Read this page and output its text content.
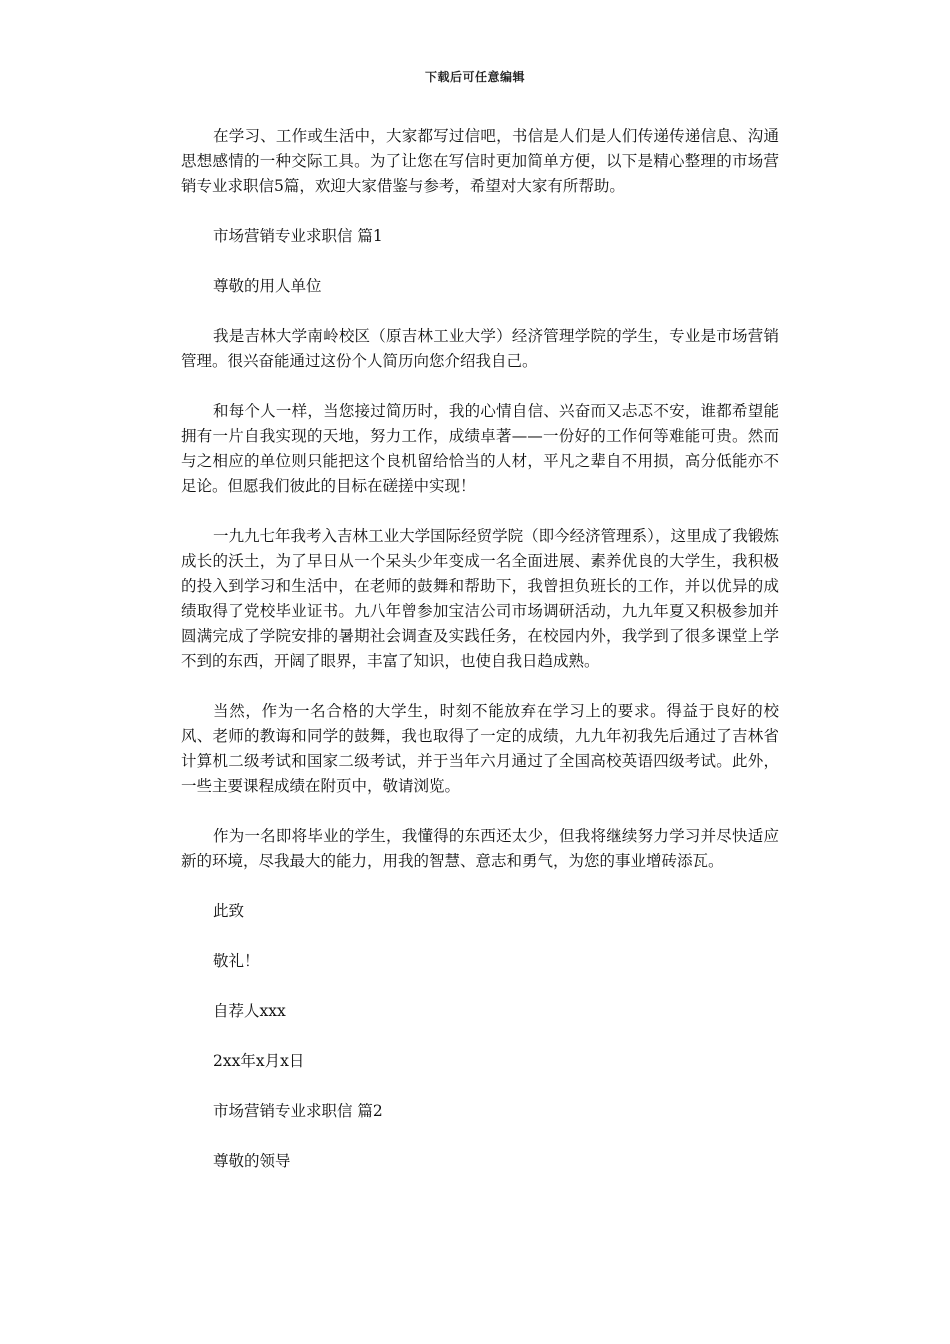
下载后可任意编辑

在学习、工作或生活中，大家都写过信吧，书信是人们是人们传递传递信息、沟通思想感情的一种交际工具。为了让您在写信时更加简单方便，以下是精心整理的市场营销专业求职信5篇，欢迎大家借鉴与参考，希望对大家有所帮助。

市场营销专业求职信 篇1

尊敬的用人单位

我是吉林大学南岭校区（原吉林工业大学）经济管理学院的学生，专业是市场营销管理。很兴奋能通过这份个人简历向您介绍我自己。

和每个人一样，当您接过简历时，我的心情自信、兴奋而又忐忑不安，谁都希望能拥有一片自我实现的天地，努力工作，成绩卓著——一份好的工作何等难能可贵。然而与之相应的单位则只能把这个良机留给恰当的人材，平凡之辈自不用损，高分低能亦不足论。但愿我们彼此的目标在磋搓中实现！

一九九七年我考入吉林工业大学国际经贸学院（即今经济管理系），这里成了我锻炼成长的沃土，为了早日从一个呆头少年变成一名全面进展、素养优良的大学生，我积极的投入到学习和生活中，在老师的鼓舞和帮助下，我曾担负班长的工作，并以优异的成绩取得了党校毕业证书。九八年曾参加宝洁公司市场调研活动，九九年夏又积极参加并圆满完成了学院安排的暑期社会调查及实践任务，在校园内外，我学到了很多课堂上学不到的东西，开阔了眼界，丰富了知识，也使自我日趋成熟。

当然，作为一名合格的大学生，时刻不能放弃在学习上的要求。得益于良好的校风、老师的教诲和同学的鼓舞，我也取得了一定的成绩，九九年初我先后通过了吉林省计算机二级考试和国家二级考试，并于当年六月通过了全国高校英语四级考试。此外，一些主要课程成绩在附页中，敬请浏览。

作为一名即将毕业的学生，我懂得的东西还太少，但我将继续努力学习并尽快适应新的环境，尽我最大的能力，用我的智慧、意志和勇气，为您的事业增砖添瓦。

此致

敬礼！

自荐人xxx

2xx年x月x日

市场营销专业求职信 篇2

尊敬的领导
